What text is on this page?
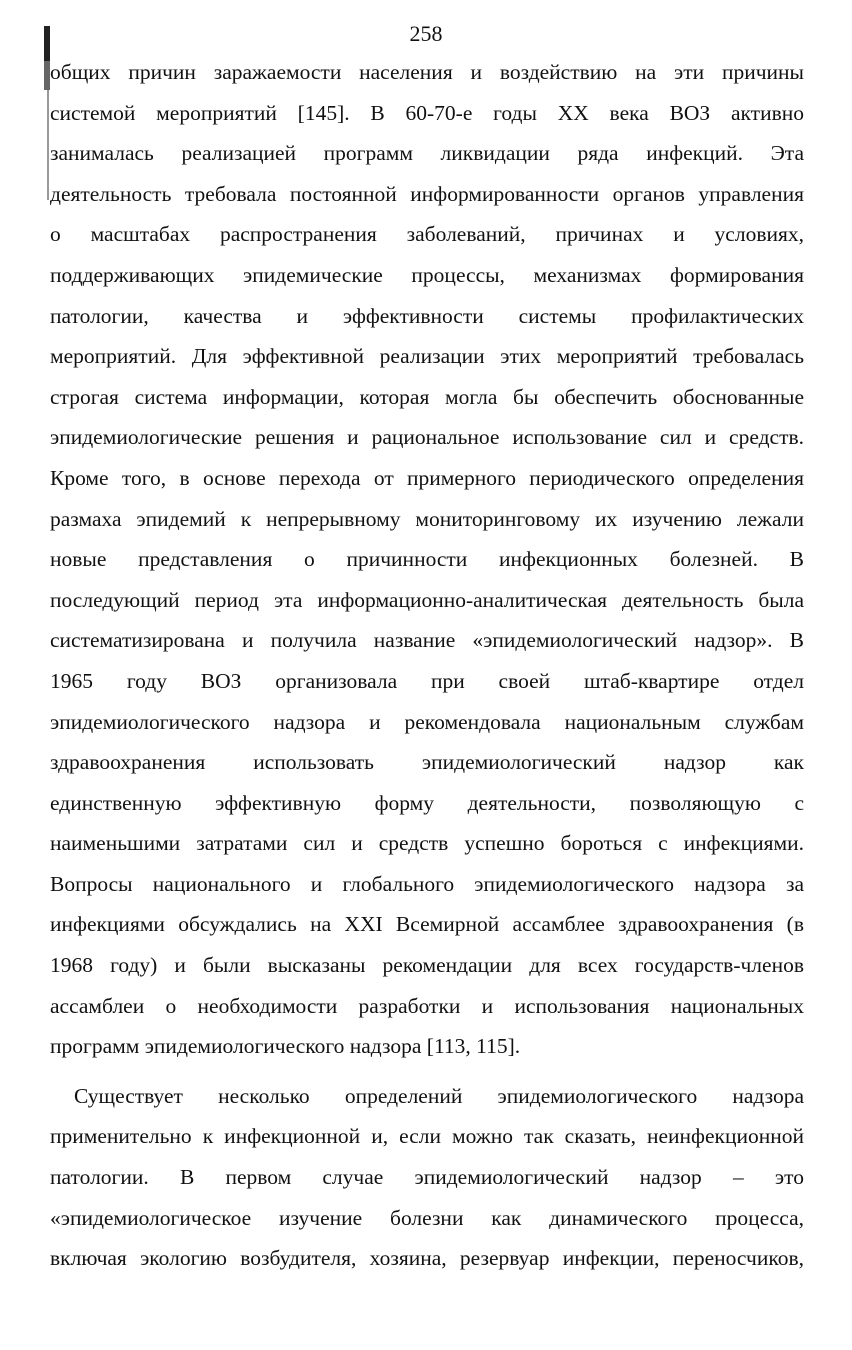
258
общих причин заражаемости населения и воздействию на эти причины
системой мероприятий [145]. В 60-70-е годы XX века ВОЗ активно
занималась реализацией программ ликвидации ряда инфекций. Эта
деятельность требовала постоянной информированности органов управления
о масштабах распространения заболеваний, причинах и условиях,
поддерживающих эпидемические процессы, механизмах формирования
патологии, качества и эффективности системы профилактических
мероприятий. Для эффективной реализации этих мероприятий требовалась
строгая система информации, которая могла бы обеспечить обоснованные
эпидемиологические решения и рациональное использование сил и средств.
Кроме того, в основе перехода от примерного периодического определения
размаха эпидемий к непрерывному мониторинговому их изучению лежали
новые представления о причинности инфекционных болезней. В
последующий период эта информационно-аналитическая деятельность была
систематизирована и получила название «эпидемиологический надзор». В
1965 году ВОЗ организовала при своей штаб-квартире отдел
эпидемиологического надзора и рекомендовала национальным службам
здравоохранения использовать эпидемиологический надзор как
единственную эффективную форму деятельности, позволяющую с
наименьшими затратами сил и средств успешно бороться с инфекциями.
Вопросы национального и глобального эпидемиологического надзора за
инфекциями обсуждались на XXI Всемирной ассамблее здравоохранения (в
1968 году) и были высказаны рекомендации для всех государств-членов
ассамблеи о необходимости разработки и использования национальных
программ эпидемиологического надзора [113, 115].
Существует несколько определений эпидемиологического надзора
применительно к инфекционной и, если можно так сказать, неинфекционной
патологии. В первом случае эпидемиологический надзор – это
«эпидемиологическое изучение болезни как динамического процесса,
включая экологию возбудителя, хозяина, резервуар инфекции, переносчиков,
